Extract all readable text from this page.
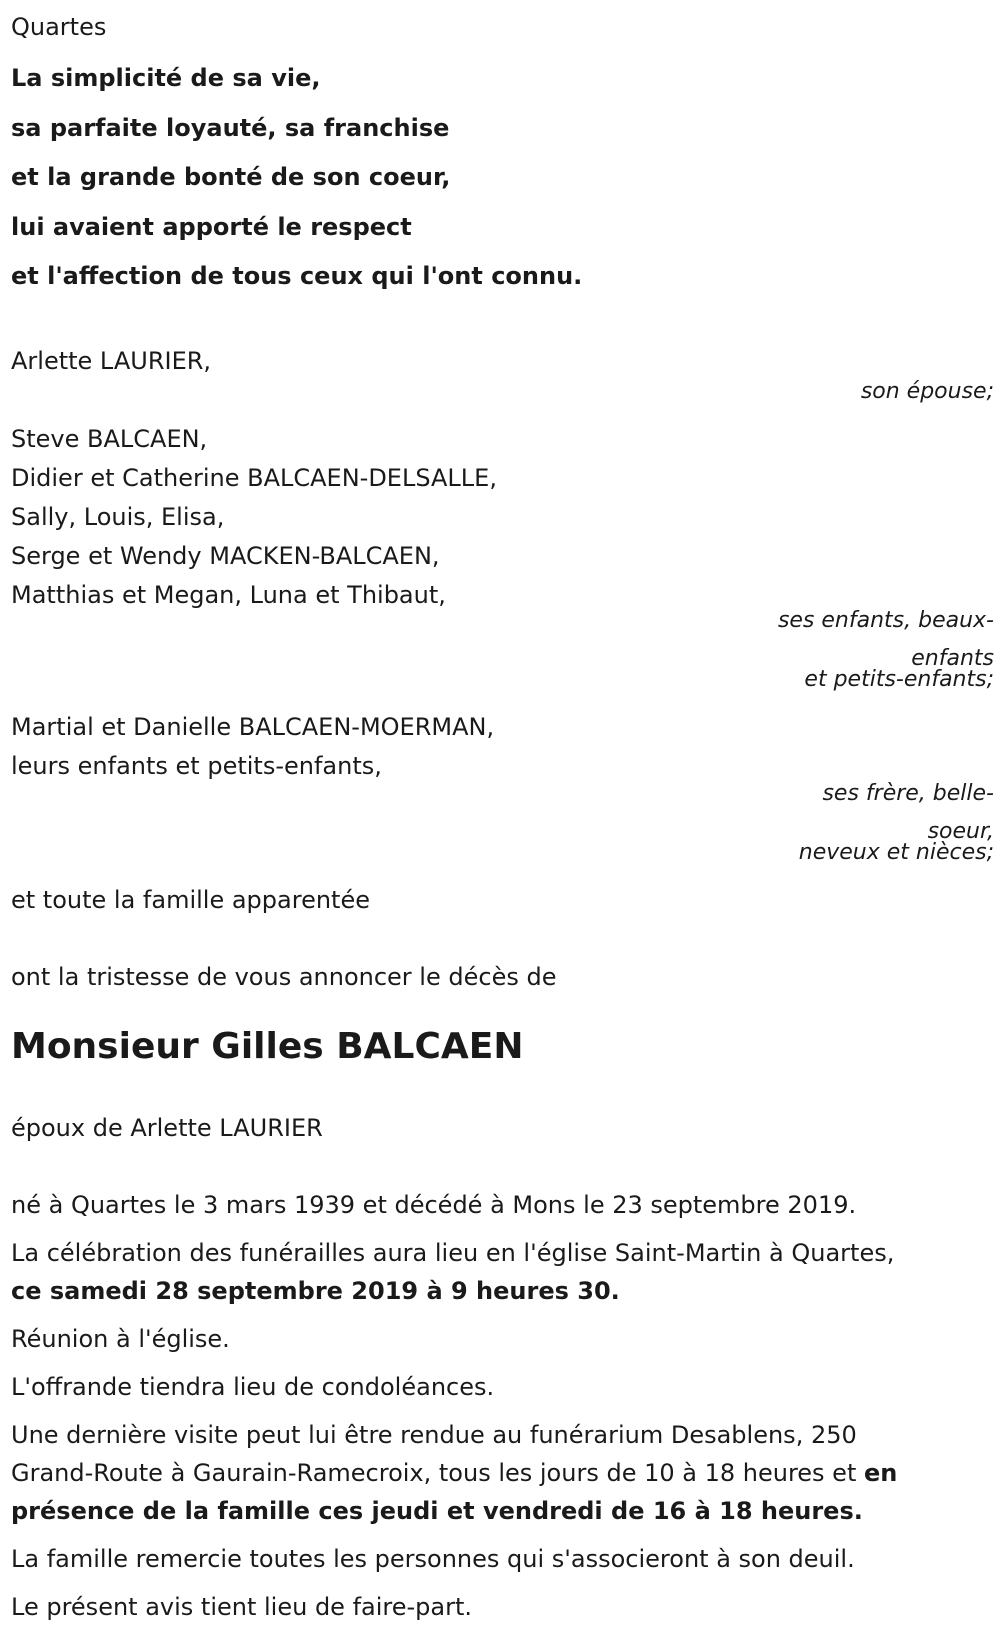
Quartes
La simplicité de sa vie,
sa parfaite loyauté, sa franchise
et la grande bonté de son coeur,
lui avaient apporté le respect
et l'affection de tous ceux qui l'ont connu.
Arlette LAURIER,
son épouse;
Steve BALCAEN,
Didier et Catherine BALCAEN-DELSALLE,
Sally, Louis, Elisa,
Serge et Wendy MACKEN-BALCAEN,
Matthias et Megan, Luna et Thibaut,
ses enfants, beaux-
enfants
et petits-enfants;
Martial et Danielle BALCAEN-MOERMAN,
leurs enfants et petits-enfants,
ses frère, belle-
soeur,
neveux et nièces;
et toute la famille apparentée
ont la tristesse de vous annoncer le décès de
Monsieur Gilles BALCAEN
époux de Arlette LAURIER
né à Quartes le 3 mars 1939 et décédé à Mons le 23 septembre 2019.
La célébration des funérailles aura lieu en l'église Saint-Martin à Quartes,
ce samedi 28 septembre 2019 à 9 heures 30.
Réunion à l'église.
L'offrande tiendra lieu de condoléances.
Une dernière visite peut lui être rendue au funérarium Desablens, 250
Grand-Route à Gaurain-Ramecroix, tous les jours de 10 à 18 heures et en
présence de la famille ces jeudi et vendredi de 16 à 18 heures.
La famille remercie toutes les personnes qui s'associeront à son deuil.
Le présent avis tient lieu de faire-part.
